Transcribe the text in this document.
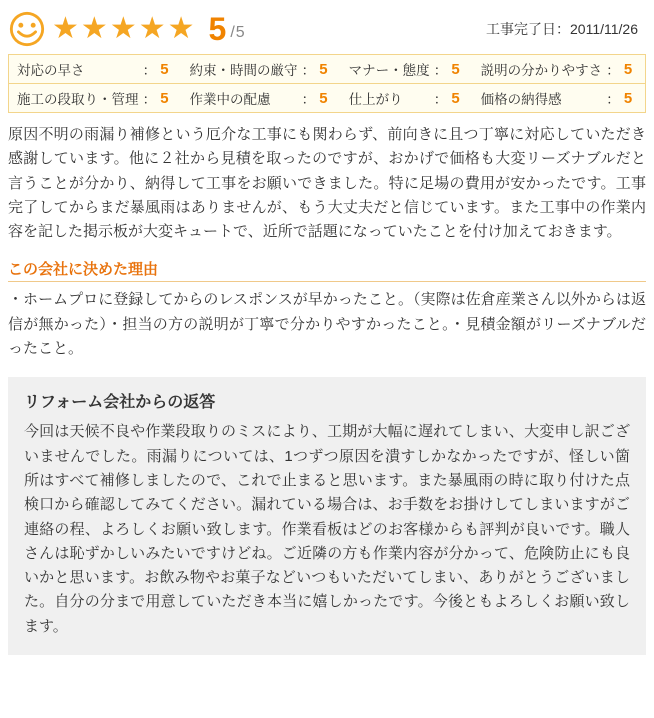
★ ★ ★ ★ ★ 5 /5	工事完了日：2011/11/26
対応の早さ	：	5	約束・時間の厳守	：	5	マナー・態度	：	5	説明の分かりやすさ	：	5
施工の段取り・管理	：	5	作業中の配慮	：	5	仕上がり	：	5	価格の納得感	：	5

原因不明の雨漏り補修という厄介な工事にも関わらず、前向きに且つ丁寧に対応していただき感謝しています。他に２社から見積を取ったのですが、おかげで価格も大変リーズナブルだと言うことが分かり、納得して工事をお願いできました。特に足場の費用が安かったです。工事完了してからまだ暴風雨はありませんが、もう大丈夫だと信じています。また工事中の作業内容を記した掲示板が大変キュートで、近所で話題になっていたことを付け加えておきます。

この会社に決めた理由

・ホームプロに登録してからのレスポンスが早かったこと。（実際は佐倉産業さん以外からは返信が無かった）・担当の方の説明が丁寧で分かりやすかったこと。・見積金額がリーズナブルだったこと。

リフォーム会社からの返答

今回は天候不良や作業段取りのミスにより、工期が大幅に遅れてしまい、大変申し訳ございませんでした。雨漏りについては、1つずつ原因を潰すしかなかったですが、怪しい箇所はすべて補修しましたので、これで止まると思います。また暴風雨の時に取り付けた点検口から確認してみてください。漏れている場合は、お手数をお掛けしてしまいますがご連絡の程、よろしくお願い致します。作業看板はどのお客様からも評判が良いです。職人さんは恥ずかしいみたいですけどね。ご近隣の方も作業内容が分かって、危険防止にも良いかと思います。お飲み物やお菓子などいつもいただいてしまい、ありがとうございました。自分の分まで用意していただき本当に嬉しかったです。今後ともよろしくお願い致します。
